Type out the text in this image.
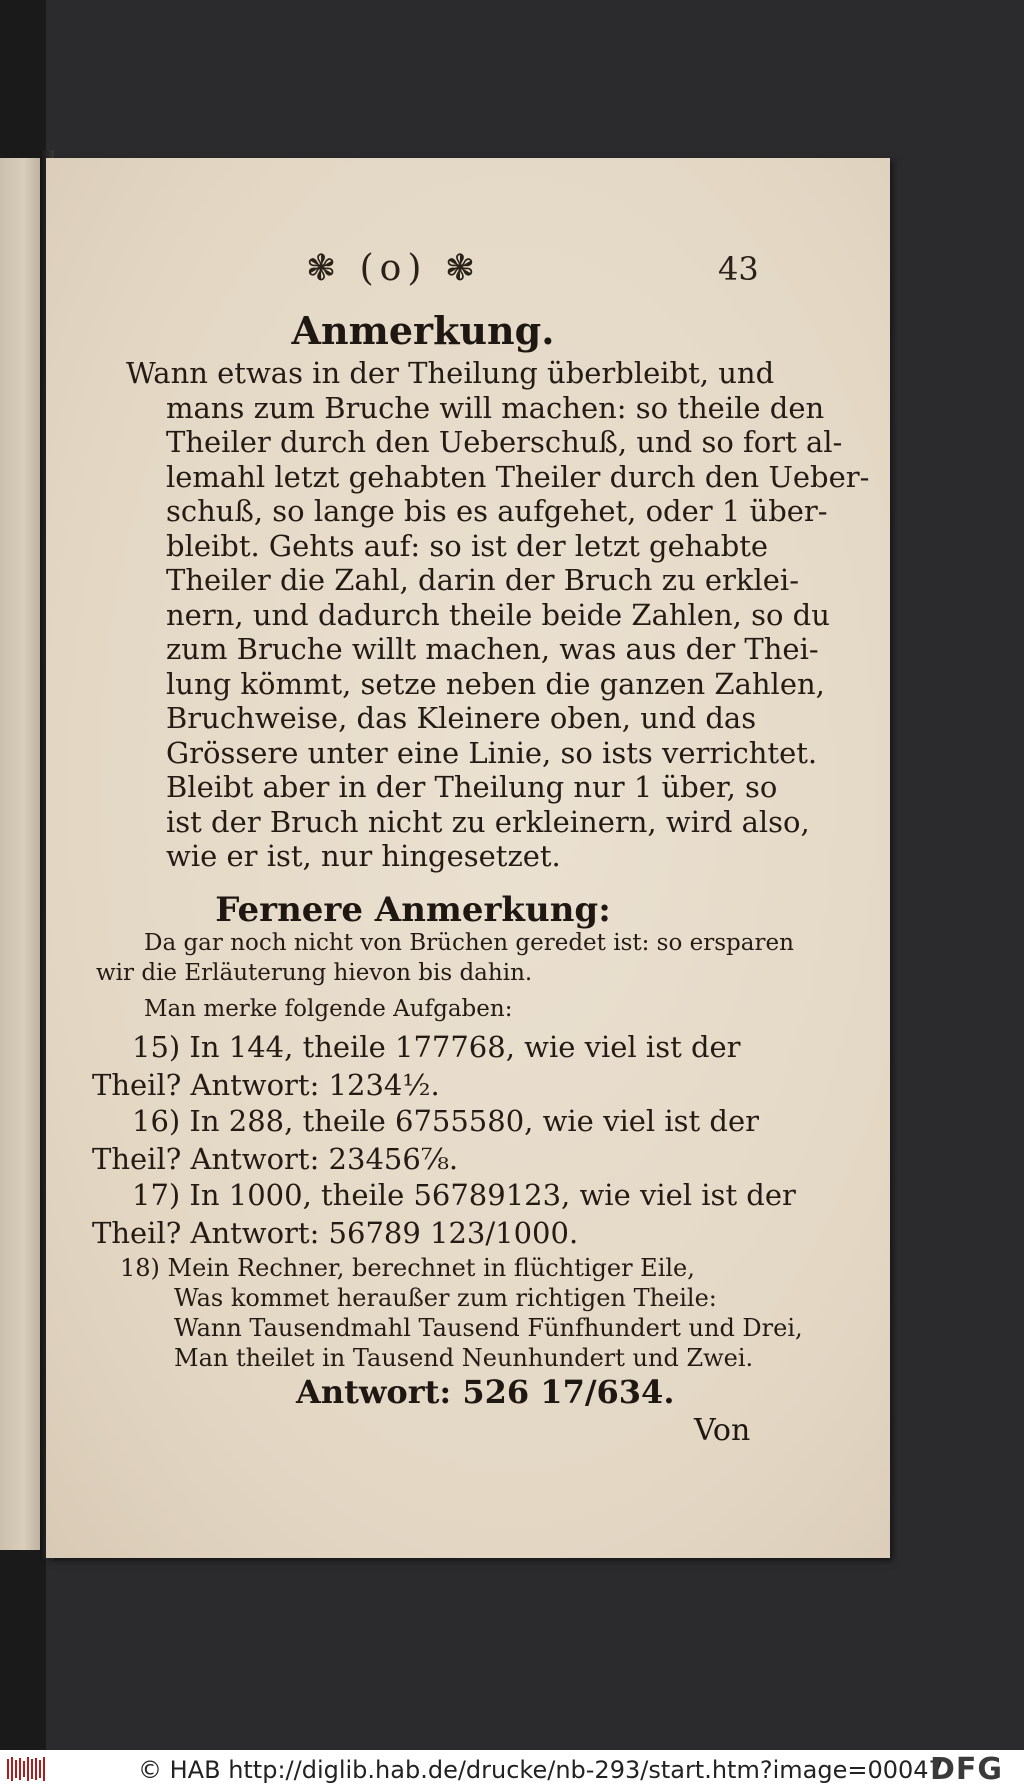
❃ (o) ❃	43
Anmerkung.
Wann etwas in der Theilung überbleibt, und
mans zum Bruche will machen: so theile den
Theiler durch den Ueberschuß, und so fort al-
lemahl letzt gehabten Theiler durch den Ueber-
schuß, so lange bis es aufgehet, oder 1 über-
bleibt. Gehts auf: so ist der letzt gehabte
Theiler die Zahl, darin der Bruch zu erklei-
nern, und dadurch theile beide Zahlen, so du
zum Bruche willt machen, was aus der Thei-
lung kömmt, setze neben die ganzen Zahlen,
Bruchweise, das Kleinere oben, und das
Grössere unter eine Linie, so ists verrichtet.
Bleibt aber in der Theilung nur 1 über, so
ist der Bruch nicht zu erkleinern, wird also,
wie er ist, nur hingesetzet.
Fernere Anmerkung:
Da gar noch nicht von Brüchen geredet ist: so ersparen
wir die Erläuterung hievon bis dahin.
Man merke folgende Aufgaben:
15) In 144, theile 177768, wie viel ist der
Theil? Antwort: 1234½.
16) In 288, theile 6755580, wie viel ist der
Theil? Antwort: 23456⅞.
17) In 1000, theile 56789123, wie viel ist der
Theil? Antwort: 56789 123/1000.
18) Mein Rechner, berechnet in flüchtiger Eile,
Was kommet heraußer zum richtigen Theile:
Wann Tausendmahl Tausend Fünfhundert und Drei,
Man theilet in Tausend Neunhundert und Zwei.
Antwort: 526 17/634.
Von
© HAB http://diglib.hab.de/drucke/nb-293/start.htm?image=00047
DFG
